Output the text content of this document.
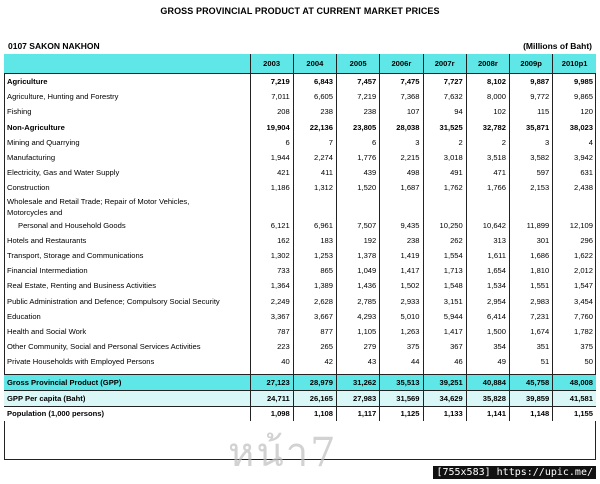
GROSS PROVINCIAL PRODUCT AT CURRENT MARKET PRICES
0107 SAKON NAKHON	(Millions of Baht)
	2003	2004	2005	2006r	2007r	2008r	2009p	2010p1
Agriculture	7,219	6,843	7,457	7,475	7,727	8,102	9,887	9,985
Agriculture, Hunting and Forestry	7,011	6,605	7,219	7,368	7,632	8,000	9,772	9,865
Fishing	208	238	238	107	94	102	115	120
Non-Agriculture	19,904	22,136	23,805	28,038	31,525	32,782	35,871	38,023
Mining and Quarrying	6	7	6	3	2	2	3	4
Manufacturing	1,944	2,274	1,776	2,215	3,018	3,518	3,582	3,942
Electricity, Gas and Water Supply	421	411	439	498	491	471	597	631
Construction	1,186	1,312	1,520	1,687	1,762	1,766	2,153	2,438
Wholesale and Retail Trade; Repair of Motor Vehicles,								
Motorcycles and								
Personal and Household Goods	6,121	6,961	7,507	9,435	10,250	10,642	11,899	12,109
Hotels and Restaurants	162	183	192	238	262	313	301	296
Transport, Storage and Communications	1,302	1,253	1,378	1,419	1,554	1,611	1,686	1,622
Financial Intermediation	733	865	1,049	1,417	1,713	1,654	1,810	2,012
Real Estate, Renting and Business Activities	1,364	1,389	1,436	1,502	1,548	1,534	1,551	1,547
Public Administration and Defence; Compulsory Social Security	2,249	2,628	2,785	2,933	3,151	2,954	2,983	3,454
Education	3,367	3,667	4,293	5,010	5,944	6,414	7,231	7,760
Health and Social Work	787	877	1,105	1,263	1,417	1,500	1,674	1,782
Other Community, Social and Personal Services Activities	223	265	279	375	367	354	351	375
Private Households with Employed Persons	40	42	43	44	46	49	51	50

Gross Provincial Product (GPP)	27,123	28,979	31,262	35,513	39,251	40,884	45,758	48,008
GPP Per capita (Baht)	24,711	26,165	27,983	31,569	34,629	35,828	39,859	41,581
Population (1,000 persons)	1,098	1,108	1,117	1,125	1,133	1,141	1,148	1,155
หน้า7	[755x583] https://upic.me/
